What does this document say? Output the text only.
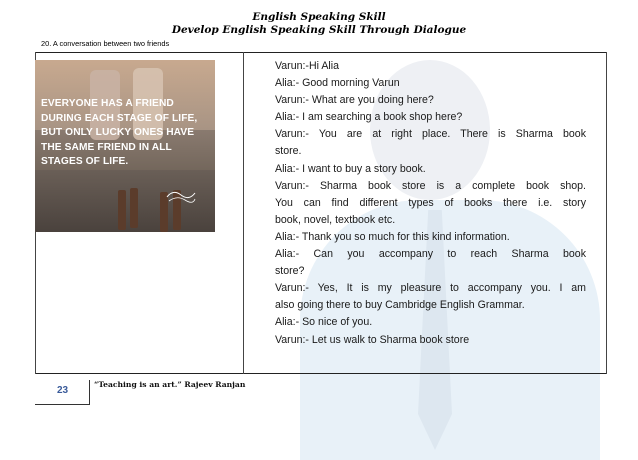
English Speaking Skill
Develop English Speaking Skill Through Dialogue
20. A conversation between two friends
EVERYONE HAS A FRIEND
DURING EACH STAGE OF LIFE,
BUT ONLY LUCKY ONES HAVE
THE SAME FRIEND IN ALL
STAGES OF LIFE.
Varun:-Hi Alia
Alia:- Good morning Varun
Varun:- What are you doing here?
Alia:- I am searching a book shop here?
Varun:- You are at right place. There is Sharma book
store.
Alia:- I want to buy a story book.
Varun:- Sharma book store is a complete book shop.
You can find different types of books there i.e. story
book, novel, textbook etc.
Alia:- Thank you so much for this kind information.
Alia:- Can you accompany to reach Sharma book
store?
Varun:- Yes, It is my pleasure to accompany you. I am
also going there to buy Cambridge English Grammar.
Alia:- So nice of you.
Varun:- Let us walk to Sharma book store
23
“Teaching is an art.” Rajeev Ranjan
